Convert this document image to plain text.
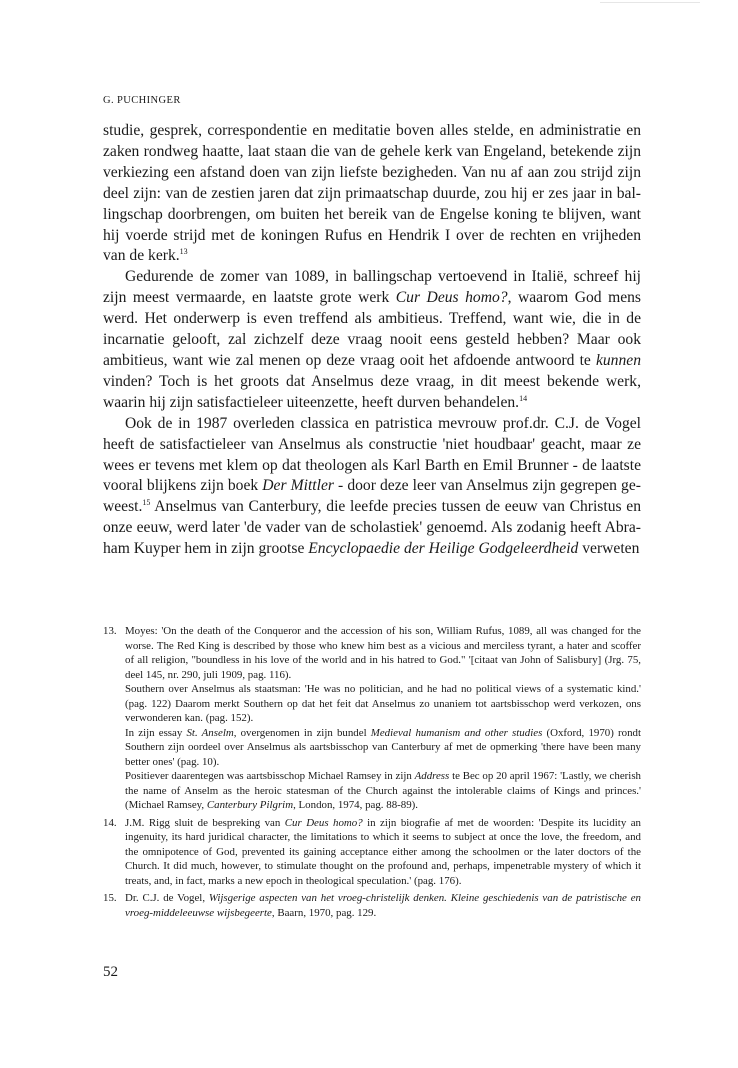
G. PUCHINGER

studie, gesprek, correspondentie en meditatie boven alles stelde, en administratie en zaken rondweg haatte, laat staan die van de gehele kerk van Engeland, betekende zijn verkiezing een afstand doen van zijn liefste bezigheden. Van nu af aan zou strijd zijn deel zijn: van de zestien jaren dat zijn primaatschap duurde, zou hij er zes jaar in ballingschap doorbrengen, om buiten het bereik van de Engelse koning te blijven, want hij voerde strijd met de koningen Rufus en Hendrik I over de rechten en vrijheden van de kerk.$^{13}$

Gedurende de zomer van 1089, in ballingschap vertoevend in Italië, schreef hij zijn meest vermaarde, en laatste grote werk Cur Deus homo?, waarom God mens werd. Het onderwerp is even treffend als ambitieus. Treffend, want wie, die in de incarnatie gelooft, zal zichzelf deze vraag nooit eens gesteld hebben? Maar ook ambitieus, want wie zal menen op deze vraag ooit het afdoende antwoord te kunnen vinden? Toch is het groots dat Anselmus deze vraag, in dit meest bekende werk, waarin hij zijn satisfactieleer uiteenzette, heeft durven behandelen.$^{14}$

Ook de in 1987 overleden classica en patristica mevrouw prof.dr. C.J. de Vogel heeft de satisfactieleer van Anselmus als constructie 'niet houdbaar' geacht, maar ze wees er tevens met klem op dat theologen als Karl Barth en Emil Brunner - de laatste vooral blijkens zijn boek Der Mittler - door deze leer van Anselmus zijn gegrepen geweest.$^{15}$ Anselmus van Canterbury, die leefde precies tussen de eeuw van Christus en onze eeuw, werd later 'de vader van de scholastiek' genoemd. Als zodanig heeft Abraham Kuyper hem in zijn grootse Encyclopaedie der Heilige Godgeleerdheid verweten

13. Moyes: 'On the death of the Conqueror and the accession of his son, William Rufus, 1089, all was changed for the worse. The Red King is described by those who knew him best as a vicious and merciless tyrant, a hater and scoffer of all religion, "boundless in his love of the world and in his hatred to God." '[citaat van John of Salisbury] (Jrg. 75, deel 145, nr. 290, juli 1909, pag. 116).
Southern over Anselmus als staatsman: 'He was no politician, and he had no political views of a systematic kind.' (pag. 122) Daarom merkt Southern op dat het feit dat Anselmus zo unaniem tot aartsbisschop werd verkozen, ons verwonderen kan. (pag. 152).
In zijn essay St. Anselm, overgenomen in zijn bundel Medieval humanism and other studies (Oxford, 1970) rondt Southern zijn oordeel over Anselmus als aartsbisschop van Canterbury af met de opmerking 'there have been many better ones' (pag. 10).
Positiever daarentegen was aartsbisschop Michael Ramsey in zijn Address te Bec op 20 april 1967: 'Lastly, we cherish the name of Anselm as the heroic statesman of the Church against the intolerable claims of Kings and princes.' (Michael Ramsey, Canterbury Pilgrim, London, 1974, pag. 88-89).
14. J.M. Rigg sluit de bespreking van Cur Deus homo? in zijn biografie af met de woorden: 'Despite its lucidity an ingenuity, its hard juridical character, the limitations to which it seems to subject at once the love, the freedom, and the omnipotence of God, prevented its gaining acceptance either among the schoolmen or the later doctors of the Church. It did much, however, to stimulate thought on the profound and, perhaps, impenetrable mystery of which it treats, and, in fact, marks a new epoch in theological speculation.' (pag. 176).
15. Dr. C.J. de Vogel, Wijsgerige aspecten van het vroeg-christelijk denken. Kleine geschiedenis van de patristische en vroeg-middeleeuwse wijsbegeerte, Baarn, 1970, pag. 129.
52
